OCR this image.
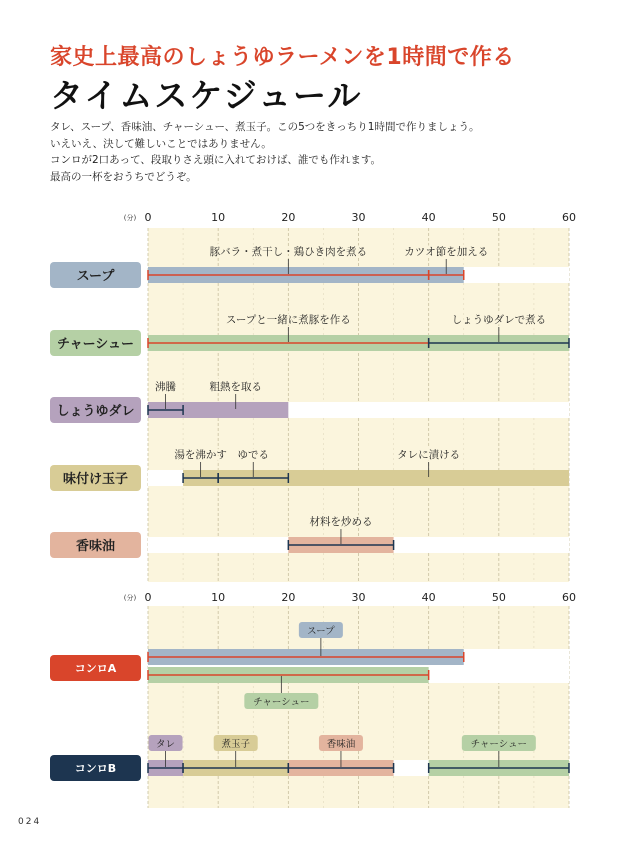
家史上最高のしょうゆラーメンを1時間で作る
タイムスケジュール
タレ、スープ、香味油、チャーシュー、煮玉子。この5つをきっちり1時間で作りましょう。
いえいえ、決して難しいことではありません。
コンロが2口あって、段取りさえ頭に入れておけば、誰でも作れます。
最高の一杯をおうちでどうぞ。
(分) 0	10	20	30	40	50	60
スープ
豚バラ・煮干し・鶏ひき肉を煮る	カツオ節を加える
チャーシュー
スープと一緒に煮豚を作る	しょうゆダレで煮る
しょうゆダレ
沸騰	粗熱を取る
味付け玉子
湯を沸かす ゆでる	タレに漬ける
香味油
材料を炒める
(分) 0	10	20	30	40	50	60
コンロA
スープ
チャーシュー
コンロB
タレ	煮玉子	香味油	チャーシュー
024
